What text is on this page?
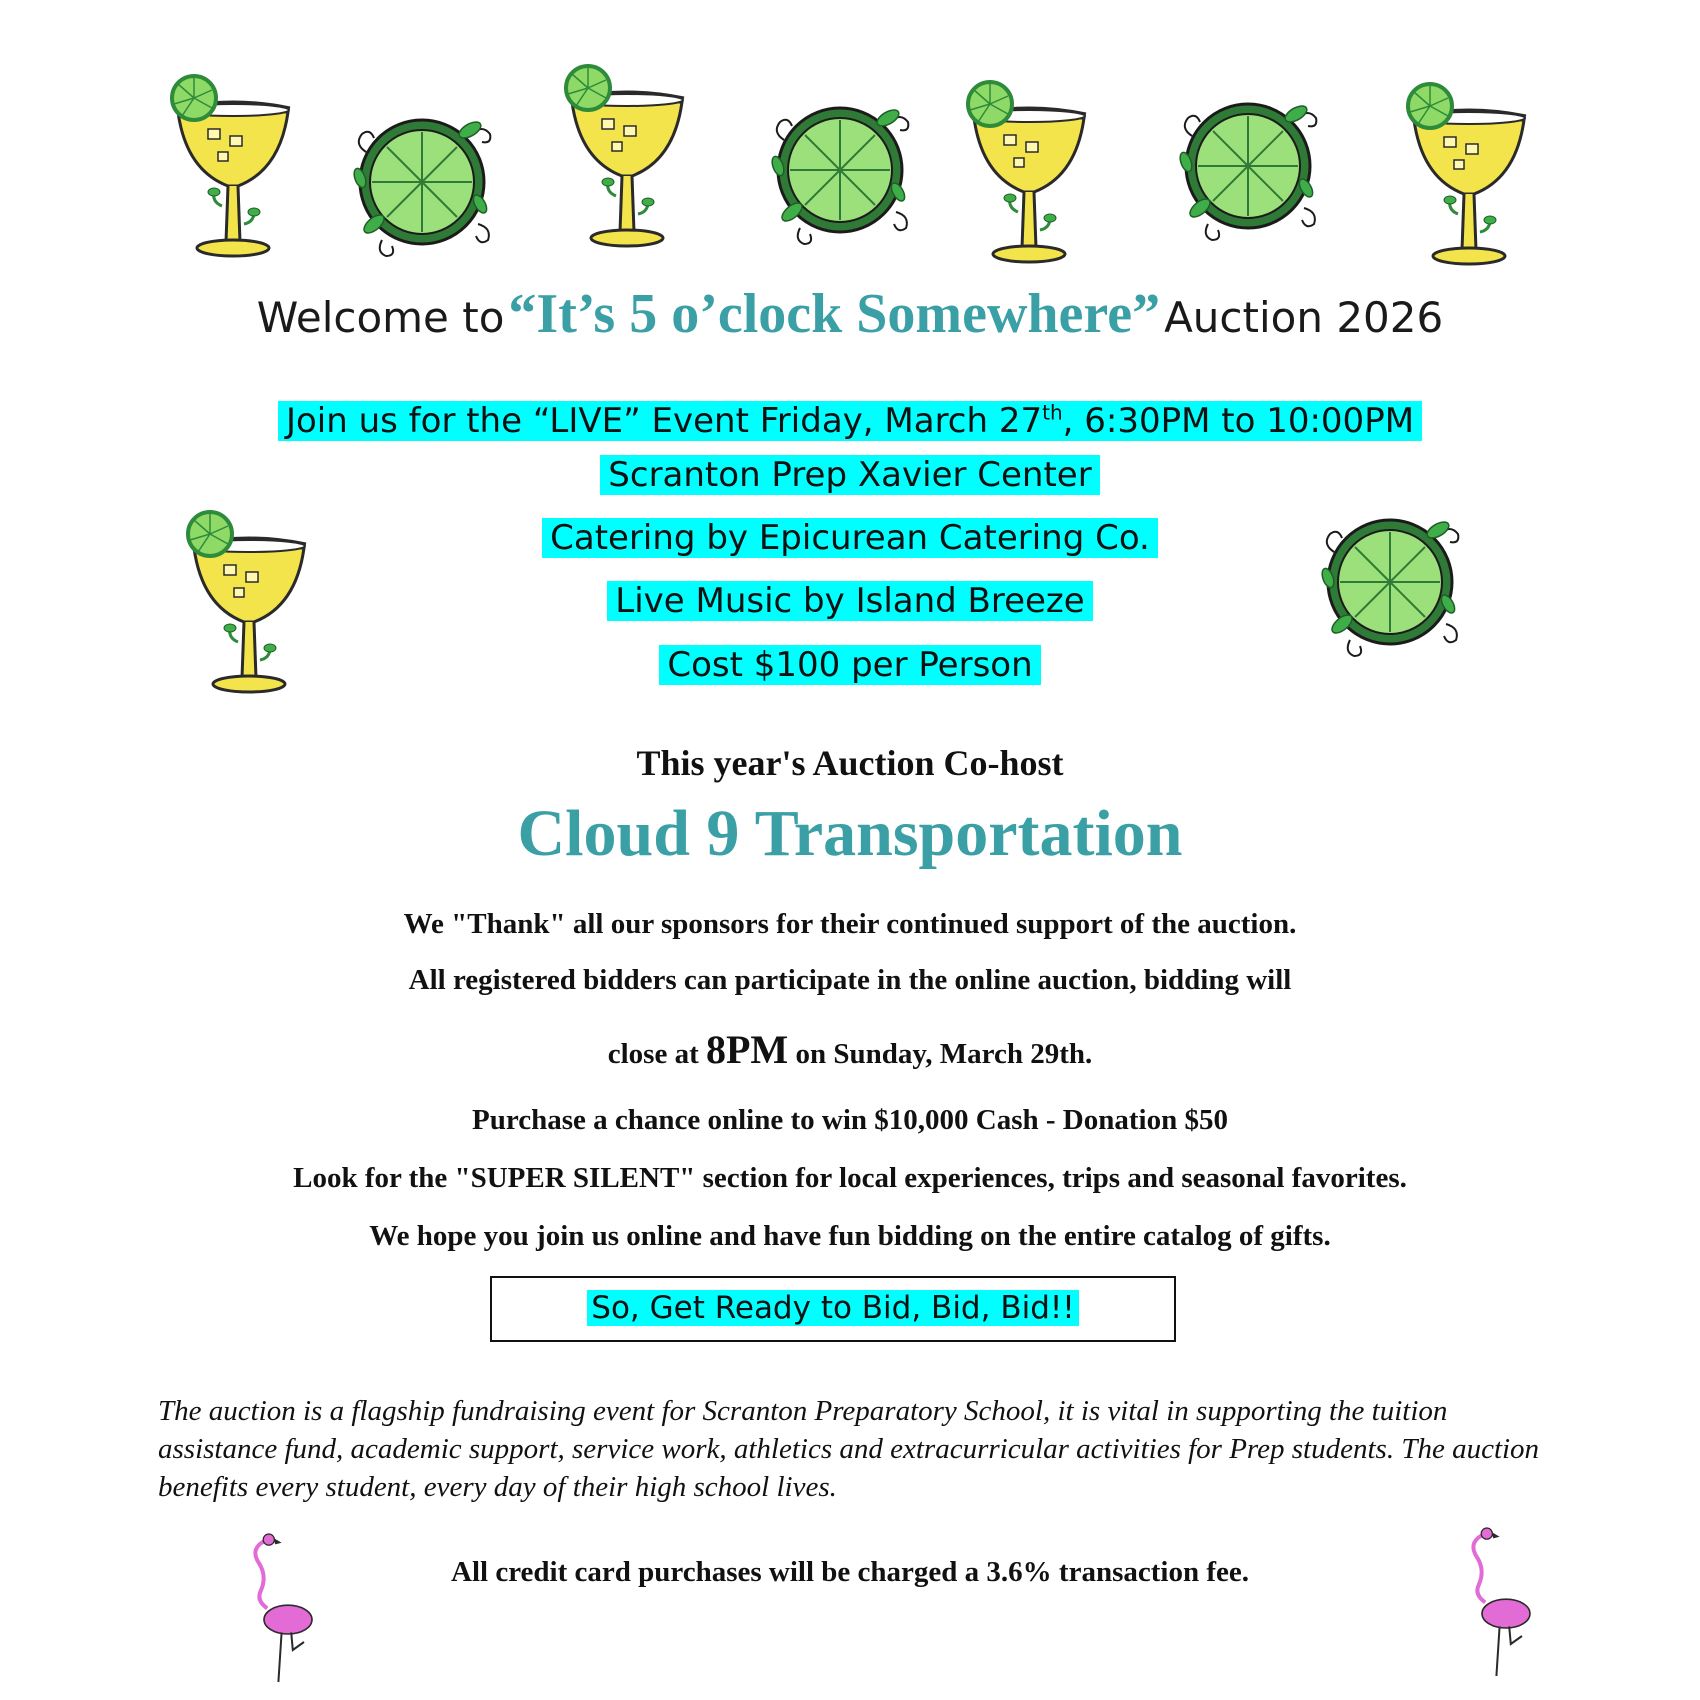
Welcome to “It’s 5 o’clock Somewhere” Auction 2026
Join us for the “LIVE” Event Friday, March 27th, 6:30PM to 10:00PM
Scranton Prep Xavier Center
Catering by Epicurean Catering Co.
Live Music by Island Breeze
Cost $100 per Person
This year's Auction Co-host
Cloud 9 Transportation
We "Thank" all our sponsors for their continued support of the auction.
All registered bidders can participate in the online auction, bidding will
close at 8PM on Sunday, March 29th.
Purchase a chance online to win $10,000 Cash - Donation $50
Look for the "SUPER SILENT" section for local experiences, trips and seasonal favorites.
We hope you join us online and have fun bidding on the entire catalog of gifts.
So, Get Ready to Bid, Bid, Bid!!
The auction is a flagship fundraising event for Scranton Preparatory School, it is vital in supporting the tuition assistance fund, academic support, service work, athletics and extracurricular activities for Prep students. The auction benefits every student, every day of their high school lives.
All credit card purchases will be charged a 3.6% transaction fee.
